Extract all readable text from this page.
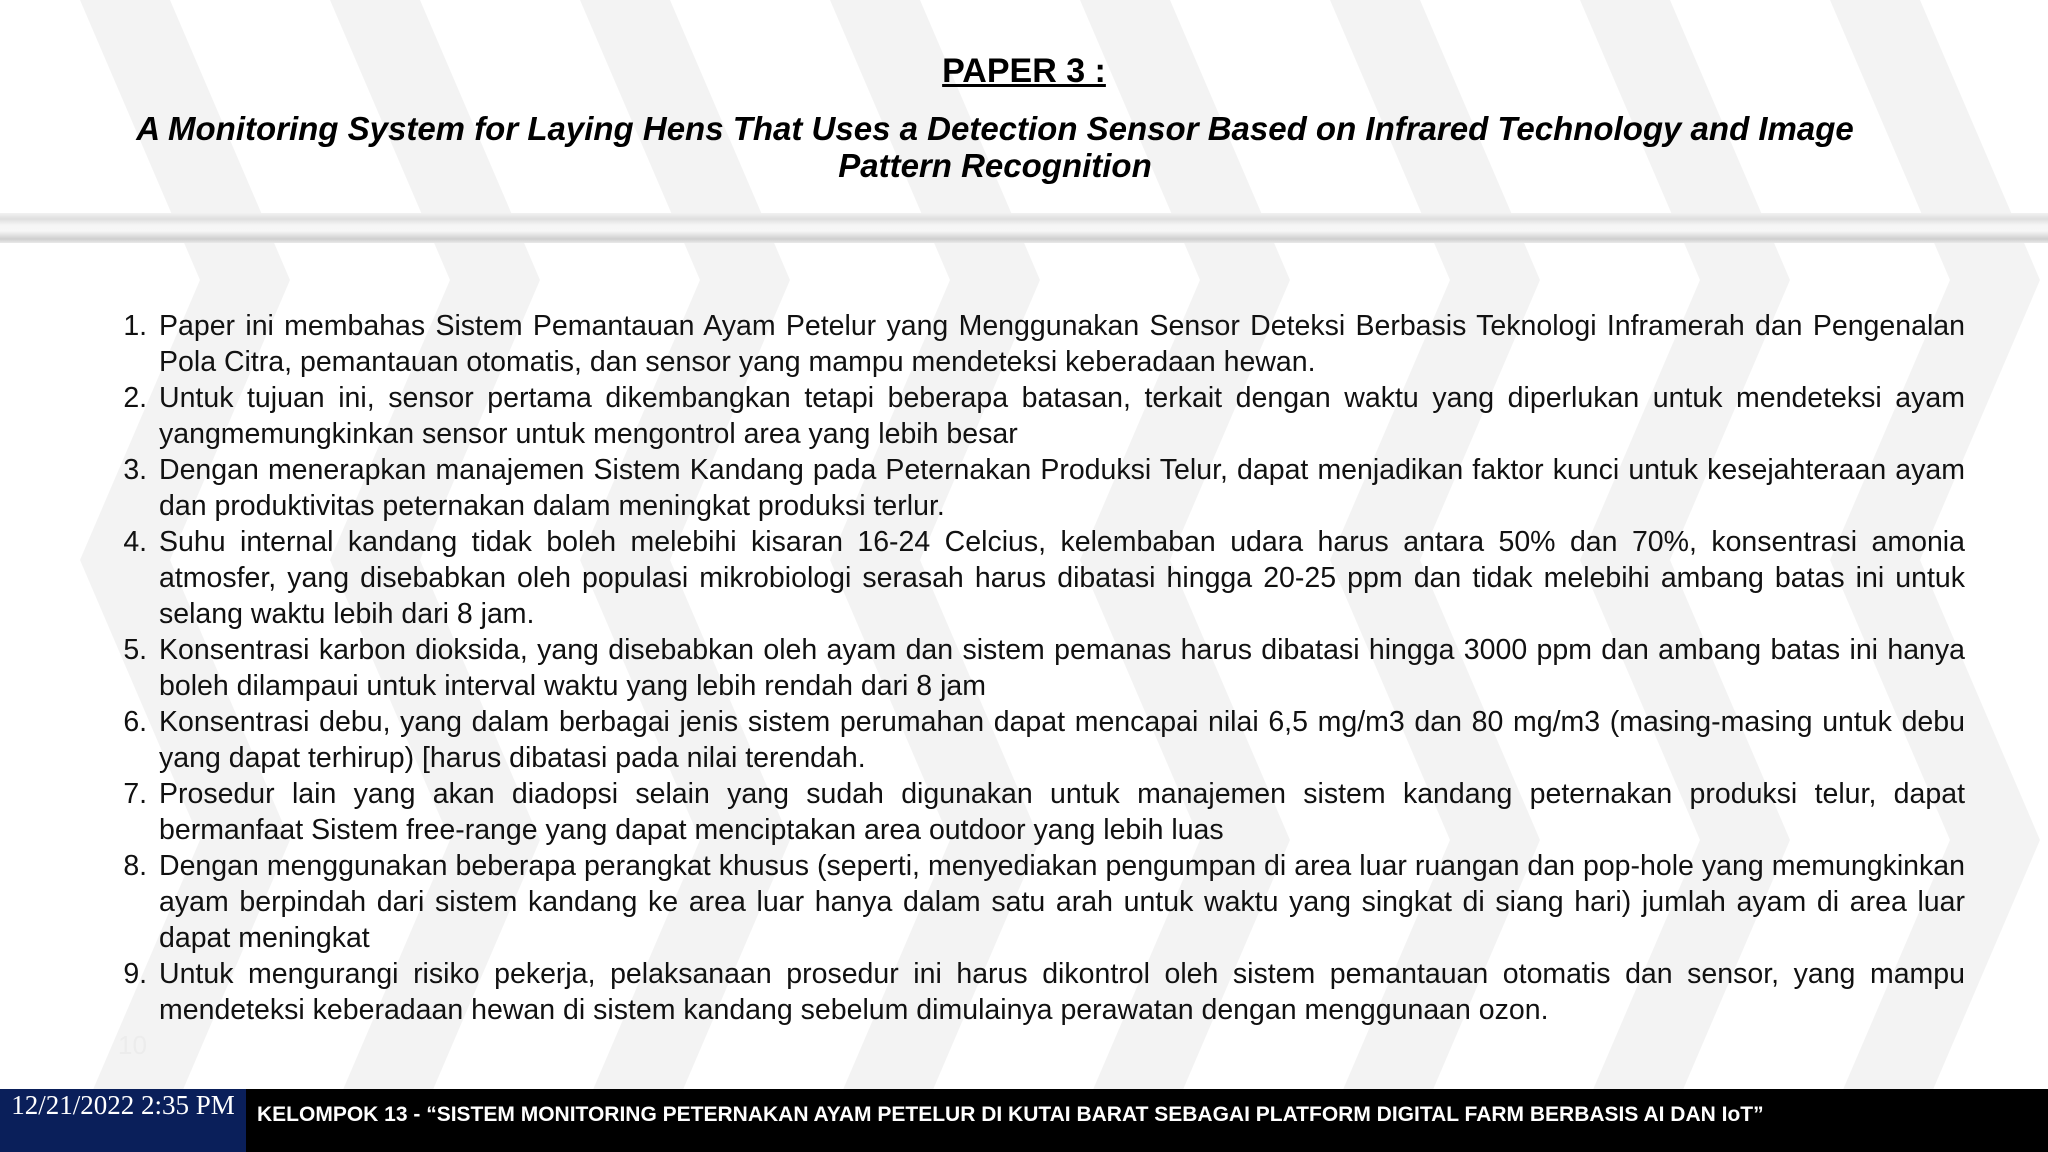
PAPER 3 :
A Monitoring System for Laying Hens That Uses a Detection Sensor Based on Infrared Technology and Image Pattern Recognition
1. Paper ini membahas Sistem Pemantauan Ayam Petelur yang Menggunakan Sensor Deteksi Berbasis Teknologi Inframerah dan Pengenalan Pola Citra, pemantauan otomatis, dan sensor yang mampu mendeteksi keberadaan hewan.
2. Untuk tujuan ini, sensor pertama dikembangkan tetapi beberapa batasan, terkait dengan waktu yang diperlukan untuk mendeteksi ayam yangmemungkinkan sensor untuk mengontrol area yang lebih besar
3. Dengan menerapkan manajemen Sistem Kandang pada Peternakan Produksi Telur, dapat menjadikan faktor kunci untuk kesejahteraan ayam dan produktivitas peternakan dalam meningkat produksi terlur.
4. Suhu internal kandang tidak boleh melebihi kisaran 16-24 Celcius, kelembaban udara harus antara 50% dan 70%, konsentrasi amonia atmosfer, yang disebabkan oleh populasi mikrobiologi serasah harus dibatasi hingga 20-25 ppm dan tidak melebihi ambang batas ini untuk selang waktu lebih dari 8 jam.
5. Konsentrasi karbon dioksida, yang disebabkan oleh ayam dan sistem pemanas harus dibatasi hingga 3000 ppm dan ambang batas ini hanya boleh dilampaui untuk interval waktu yang lebih rendah dari 8 jam
6. Konsentrasi debu, yang dalam berbagai jenis sistem perumahan dapat mencapai nilai 6,5 mg/m3 dan 80 mg/m3 (masing-masing untuk debu yang dapat terhirup) [harus dibatasi pada nilai terendah.
7. Prosedur lain yang akan diadopsi selain yang sudah digunakan untuk manajemen sistem kandang peternakan produksi telur, dapat bermanfaat Sistem free-range yang dapat menciptakan area outdoor yang lebih luas
8. Dengan menggunakan beberapa perangkat khusus (seperti, menyediakan pengumpan di area luar ruangan dan pop-hole yang memungkinkan ayam berpindah dari sistem kandang ke area luar hanya dalam satu arah untuk waktu yang singkat di siang hari) jumlah ayam di area luar dapat meningkat
9. Untuk mengurangi risiko pekerja, pelaksanaan prosedur ini harus dikontrol oleh sistem pemantauan otomatis dan sensor, yang mampu mendeteksi keberadaan hewan di sistem kandang sebelum dimulainya perawatan dengan menggunaan ozon.
10
12/21/2022 2:35 PM	KELOMPOK 13 - “SISTEM MONITORING PETERNAKAN AYAM PETELUR DI KUTAI BARAT SEBAGAI PLATFORM DIGITAL FARM BERBASIS AI DAN IoT”
